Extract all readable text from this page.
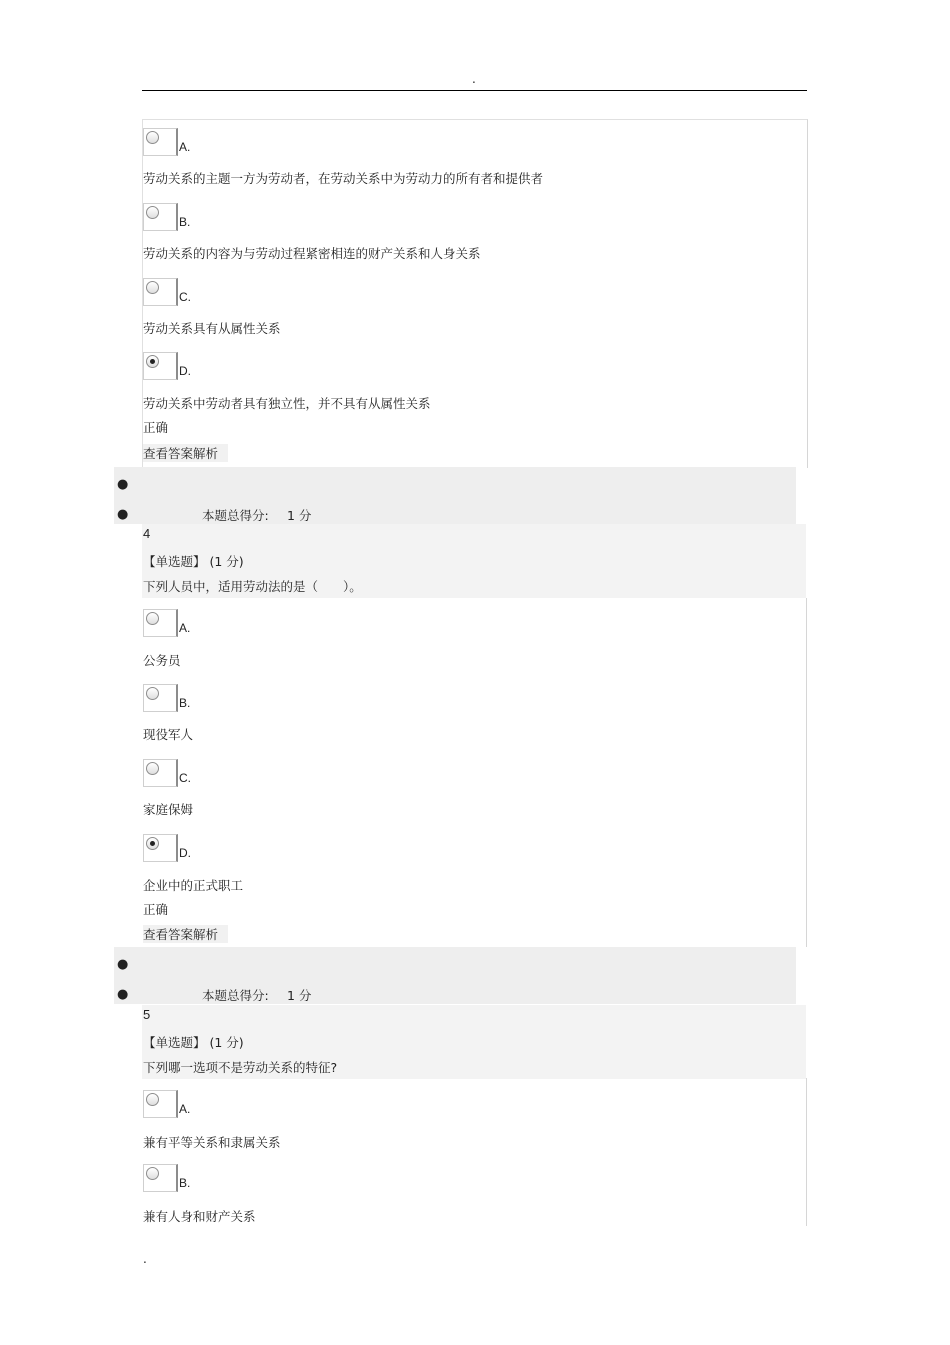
.
A.
劳动关系的主题一方为劳动者，在劳动关系中为劳动力的所有者和提供者
B.
劳动关系的内容为与劳动过程紧密相连的财产关系和人身关系
C.
劳动关系具有从属性关系
D.
劳动关系中劳动者具有独立性，并不具有从属性关系
正确
查看答案解析
●
●	本题总得分: 1 分
4
【单选题】 (1 分)
下列人员中，适用劳动法的是（　　）。
A.
公务员
B.
现役军人
C.
家庭保姆
D.
企业中的正式职工
正确
查看答案解析
●
●	本题总得分: 1 分
5
【单选题】 (1 分)
下列哪一选项不是劳动关系的特征?
A.
兼有平等关系和隶属关系
B.
兼有人身和财产关系
.
